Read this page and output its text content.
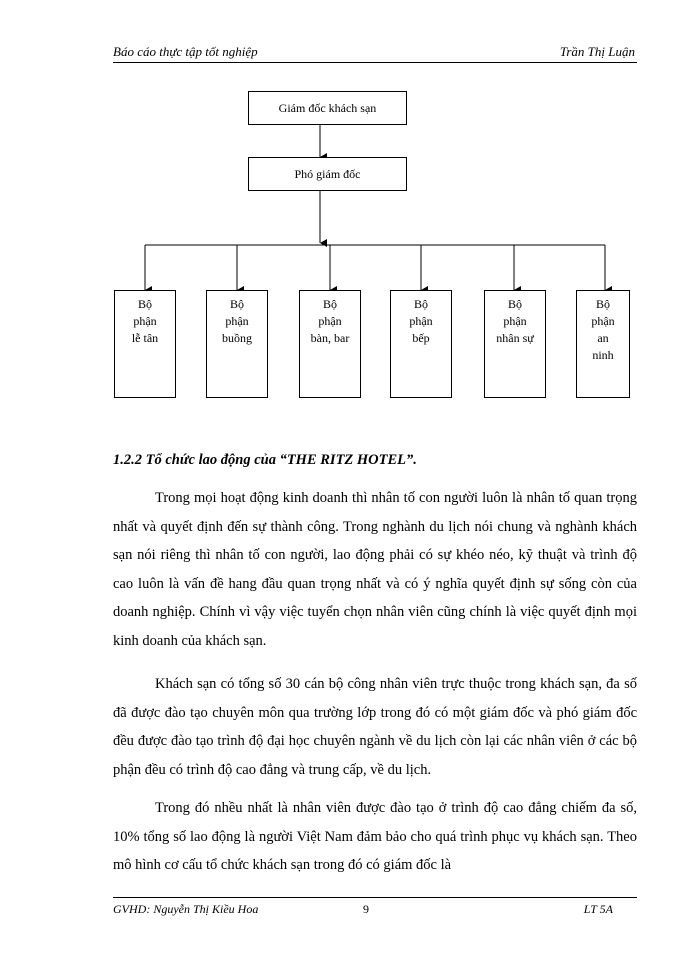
Báo cáo thực tập tốt nghiệp	Trần Thị Luận
Giám đốc khách sạn
Phó giám đốc
Bộ
phận
lễ tân
Bộ
phận
buồng
Bộ
phận
bàn, bar
Bộ
phận
bếp
Bộ
phận
nhân sự
Bộ
phận
an
ninh
1.2.2 Tổ chức lao động của “THE RITZ HOTEL”.

Trong mọi hoạt động kinh doanh thì nhân tố con người luôn là nhân tố quan trọng nhất và quyết định đến sự thành công. Trong nghành du lịch nói chung và nghành khách sạn nói riêng thì nhân tố con người, lao động phải có sự khéo néo, kỹ thuật và trình độ cao luôn là vấn đề hang đầu quan trọng nhất và có ý nghĩa quyết định sự sống còn của doanh nghiệp. Chính vì vậy việc tuyển chọn nhân viên cũng chính là việc quyết định mọi kinh doanh của khách sạn.

Khách sạn có tổng số 30 cán bộ công nhân viên trực thuộc trong khách sạn, đa số đã được đào tạo chuyên môn qua trường lớp trong đó có một giám đốc và phó giám đốc đều được đào tạo trình độ đại học chuyên ngành về du lịch còn lại các nhân viên ở các bộ phận đều có trình độ cao đẳng và trung cấp, về du lịch.

Trong đó nhều nhất là nhân viên được đào tạo ở trình độ cao đẳng chiếm đa số, 10% tổng số lao động là người Việt Nam đảm bảo cho quá trình phục vụ khách sạn. Theo mô hình cơ cấu tổ chức khách sạn trong đó có giám đốc là

GVHD: Nguyễn Thị Kiều Hoa	9	LT 5A
